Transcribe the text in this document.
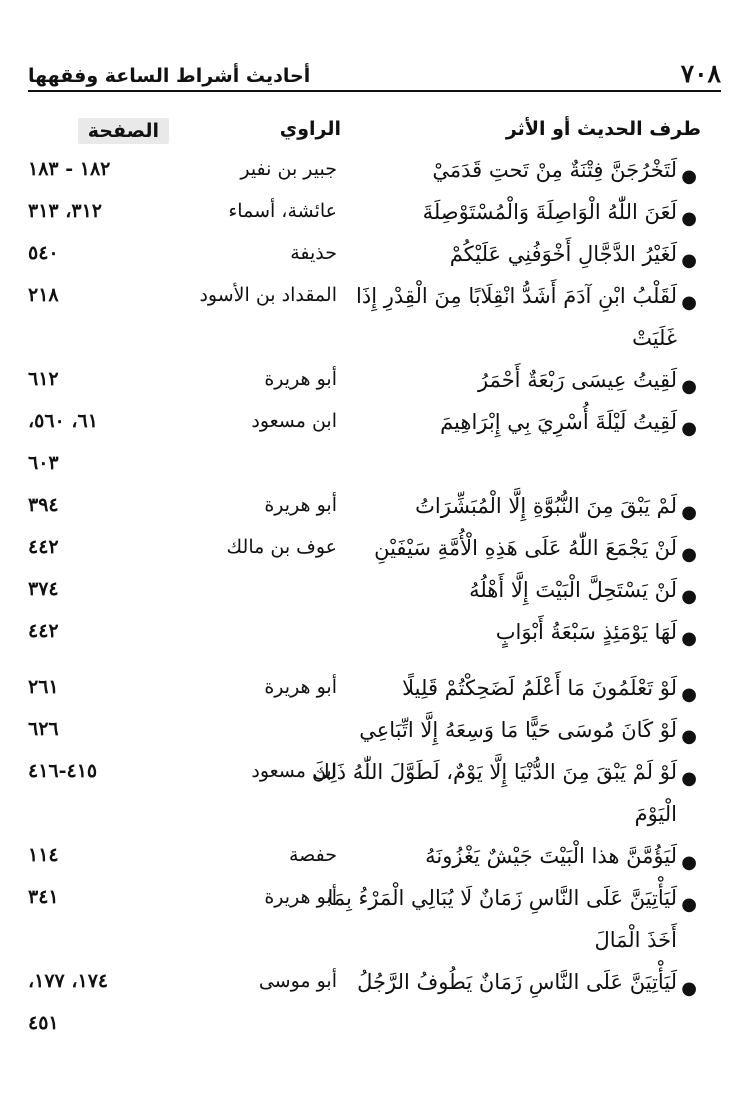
٧٠٨
أحاديث أشراط الساعة وفقهها
طرف الحديث أو الأثر
الراوي
الصفحة
●
لَتَخْرُجَنَّ فِتْنَةٌ مِنْ تَحتِ قَدَمَيْ
جبير بن نفير
١٨٢ - ١٨٣
●
لَعَنَ اللّٰهُ الْوَاصِلَةَ وَالْمُسْتَوْصِلَةَ
عائشة، أسماء
٣١٢، ٣١٣
●
لَغَيْرُ الدَّجَّالِ أَخْوَفُنِي عَلَيْكُمْ
حذيفة
٥٤٠
●
لَقَلْبُ ابْنِ آدَمَ أَشَدُّ انْقِلَابًا مِنَ الْقِدْرِ إِذَا
المقداد بن الأسود
٢١٨
غَلَيَتْ
●
لَقِيتُ عِيسَى رَبْعَةٌ أَحْمَرُ
أبو هريرة
٦١٢
●
لَقِيتُ لَيْلَةَ أُسْرِيَ بِي إِبْرَاهِيمَ
ابن مسعود
٦١، ٥٦٠،
٦٠٣
●
لَمْ يَبْقَ مِنَ النُّبُوَّةِ إِلَّا الْمُبَشِّرَاتُ
أبو هريرة
٣٩٤
●
لَنْ يَجْمَعَ اللّٰهُ عَلَى هَذِهِ الْأُمَّةِ سَيْفَيْنِ
عوف بن مالك
٤٤٢
●
لَنْ يَسْتَحِلَّ الْبَيْتَ إِلَّا أَهْلُهُ
٣٧٤
●
لَهَا يَوْمَئِذٍ سَبْعَةُ أَبْوَابٍ
٤٤٢
●
لَوْ تَعْلَمُونَ مَا أَعْلَمُ لَضَحِكْتُمْ قَلِيلًا
أبو هريرة
٢٦١
●
لَوْ كَانَ مُوسَى حَيًّا مَا وَسِعَهُ إِلَّا اتِّبَاعِي
٦٢٦
●
لَوْ لَمْ يَبْقَ مِنَ الدُّنْيَا إِلَّا يَوْمٌ، لَطَوَّلَ اللّٰهُ ذَلِكَ
ابن مسعود
٤١٥-٤١٦
الْيَوْمَ
●
لَيَؤُمَّنَّ هذا الْبَيْتَ جَيْشٌ يَغْزُونَهُ
حفصة
١١٤
●
لَيَأْتِيَنَّ عَلَى النَّاسِ زَمَانٌ لَا يُبَالِي الْمَرْءُ بِمَا
أبو هريرة
٣٤١
أَخَذَ الْمَالَ
●
لَيَأْتِيَنَّ عَلَى النَّاسِ زَمَانٌ يَطُوفُ الرَّجُلُ
أبو موسى
١٧٤، ١٧٧،
٤٥١
